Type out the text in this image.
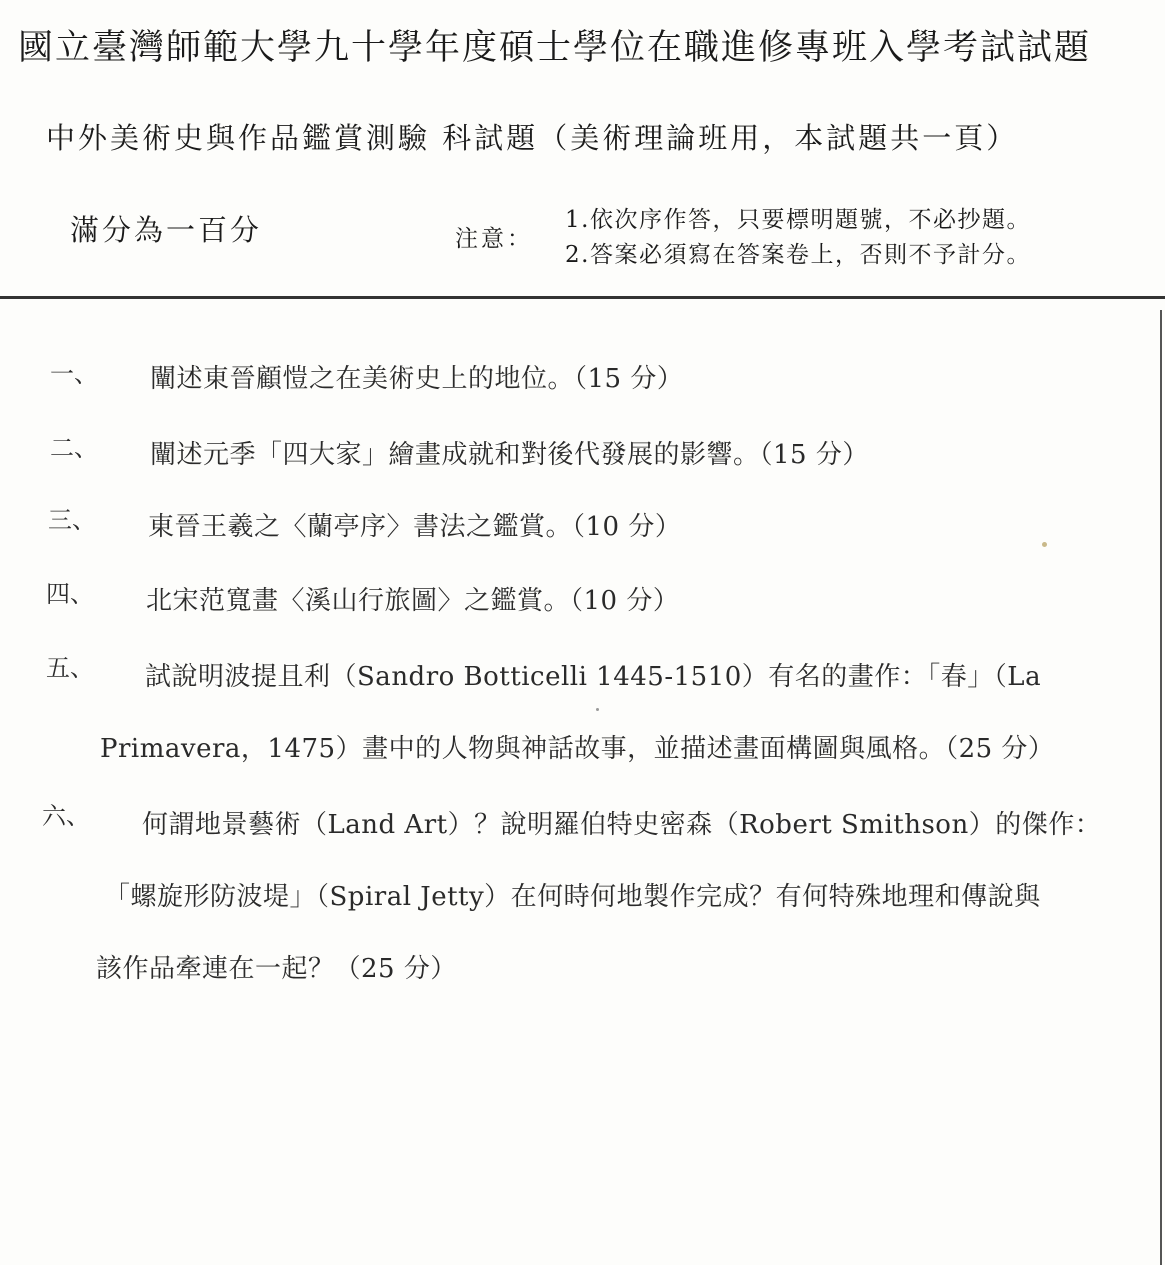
國立臺灣師範大學九十學年度碩士學位在職進修專班入學考試試題
中外美術史與作品鑑賞測驗 科試題（美術理論班用，本試題共一頁）
滿分為一百分	注意：
1.依次序作答，只要標明題號，不必抄題。
2.答案必須寫在答案卷上，否則不予計分。
一、 闡述東晉顧愷之在美術史上的地位。（15 分）
二、 闡述元季「四大家」繪畫成就和對後代發展的影響。（15 分）
三、 東晉王羲之〈蘭亭序〉書法之鑑賞。（10 分）
四、 北宋范寬畫〈溪山行旅圖〉之鑑賞。（10 分）
五、 試說明波提且利（Sandro Botticelli 1445-1510）有名的畫作：「春」（La
Primavera，1475）畫中的人物與神話故事，並描述畫面構圖與風格。（25 分）
六、 何謂地景藝術（Land Art）？說明羅伯特史密森（Robert Smithson）的傑作：
「螺旋形防波堤」（Spiral Jetty）在何時何地製作完成？有何特殊地理和傳說與
該作品牽連在一起？（25 分）
